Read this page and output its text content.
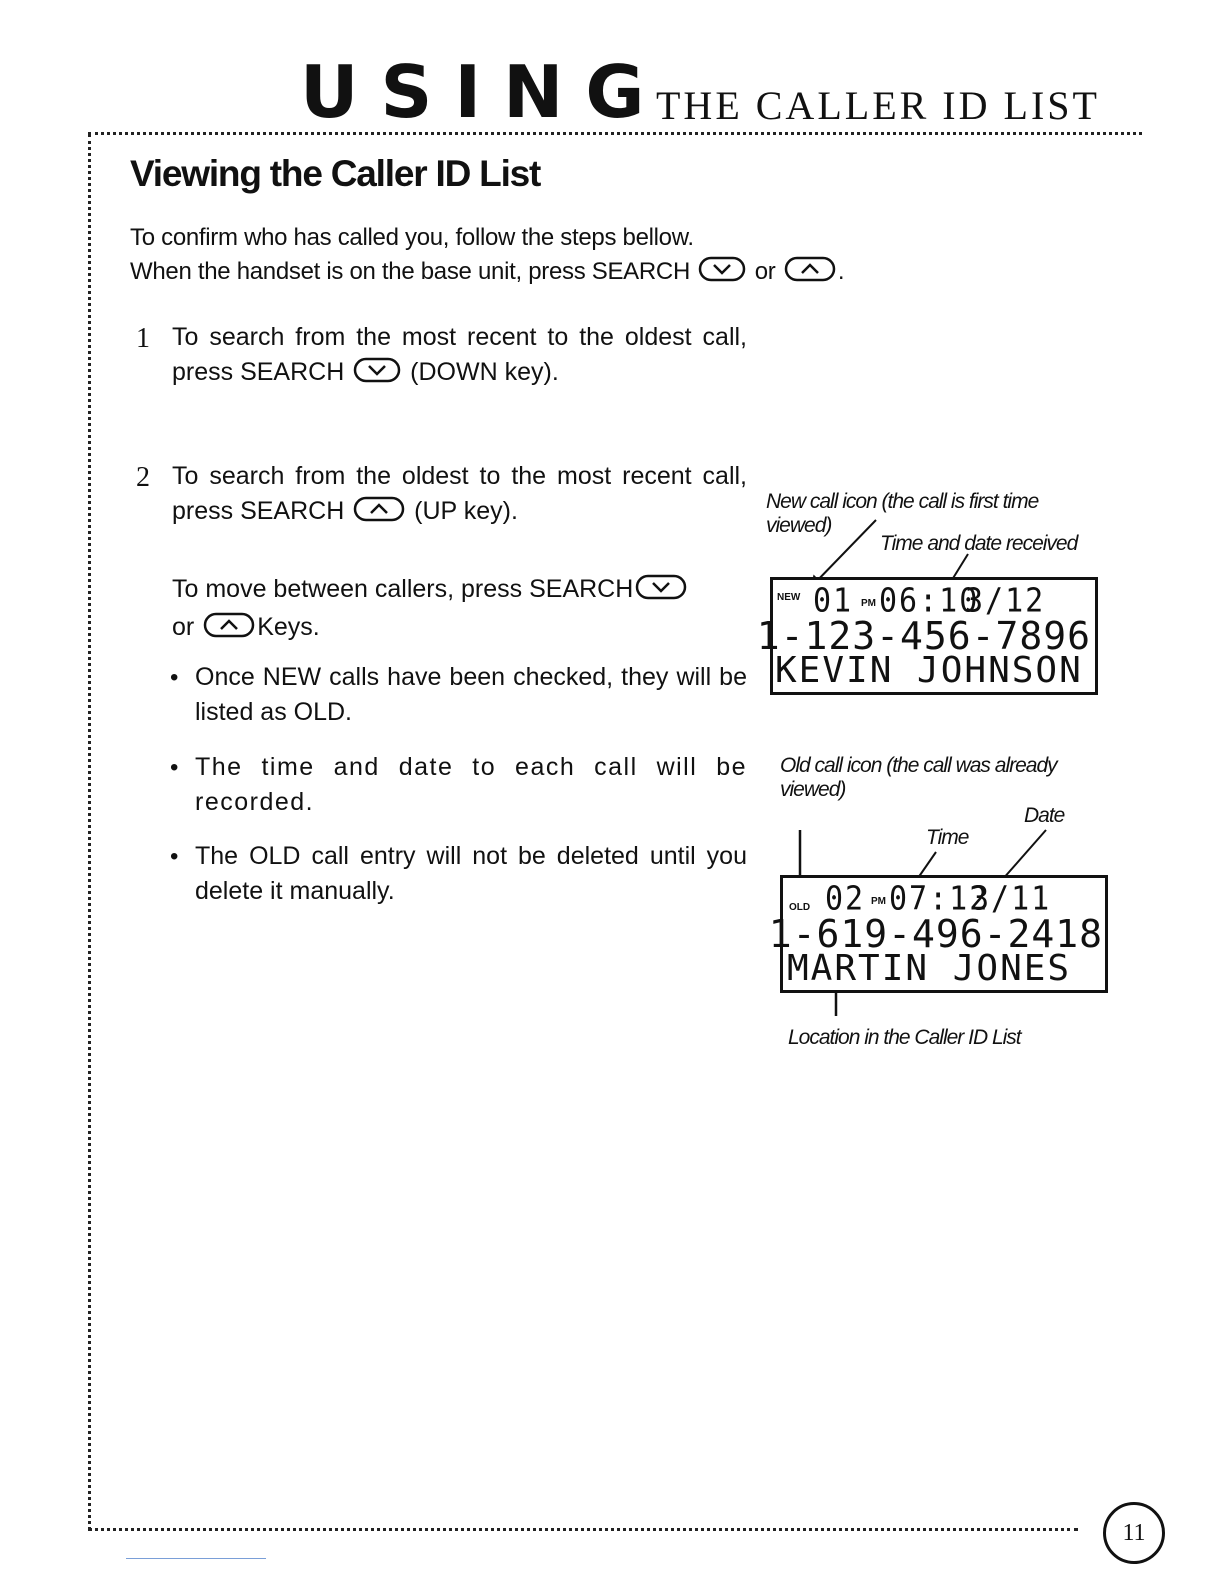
USING
THE CALLER ID LIST
Viewing the Caller ID List
To confirm who has called you, follow the steps bellow.
When the handset is on the base unit, press SEARCH	or	.
1 To search from the most recent to the oldest call, press SEARCH	(DOWN key).
2 To search from the oldest to the most recent call, press SEARCH	(UP key).
To move between callers, press SEARCH
or	Keys.
• Once NEW calls have been checked, they will be listed as OLD.
• The time and date to each call will be recorded.
• The OLD call entry will not be deleted until you delete it manually.
New call icon (the call is first time
viewed)
Time and date received
NEW 01 PM 06:10
3/12
1-123-456-7896
KEVIN JOHNSON
Old call icon (the call was already
viewed)
Date
Time
OLD 02 PM 07:12
3/11
1-619-496-2418
MARTIN JONES
Location in the Caller ID List
11
